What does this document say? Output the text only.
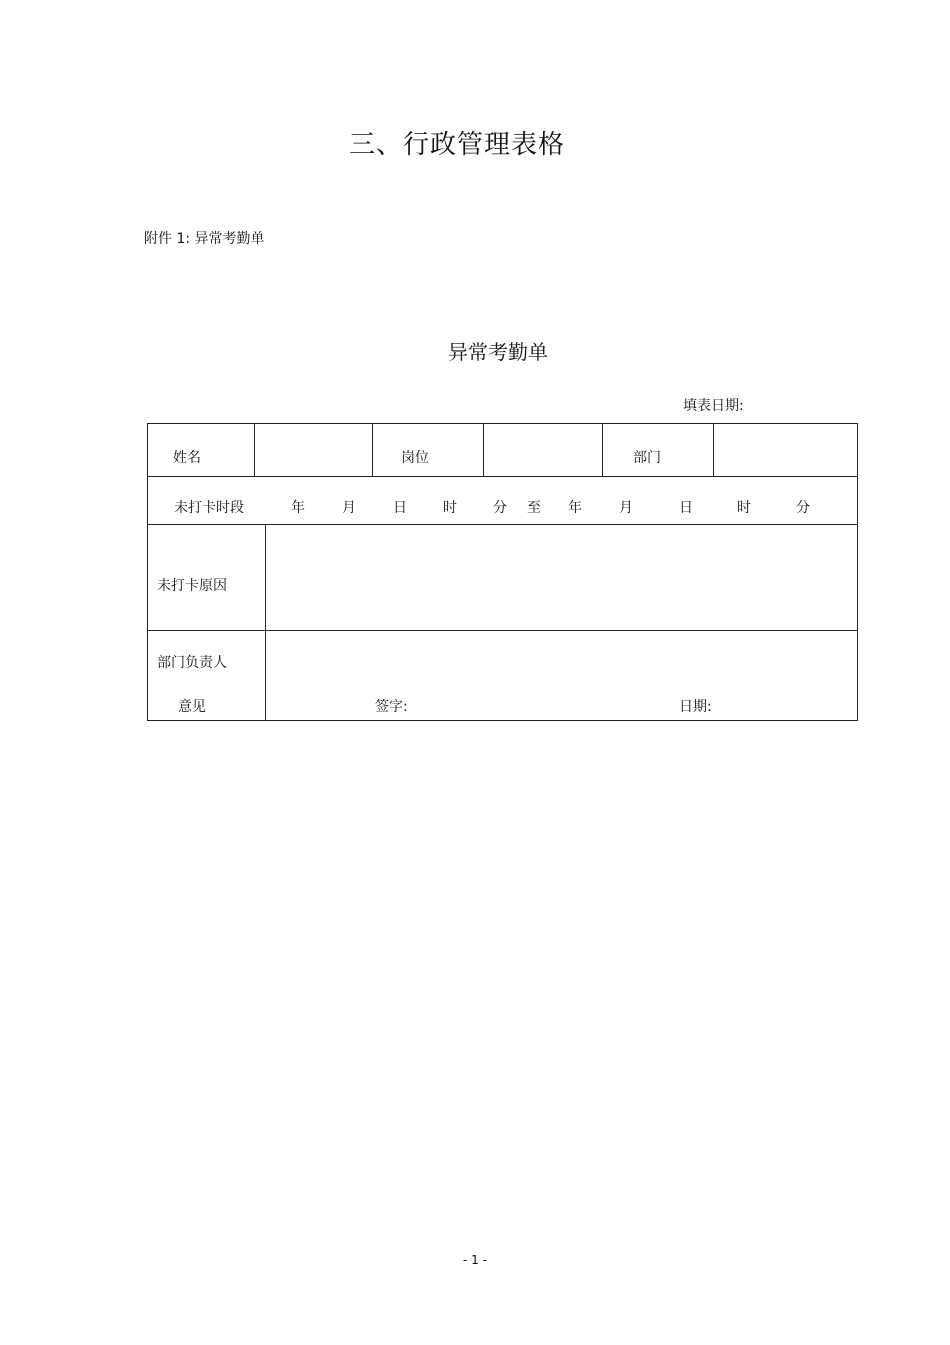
三、行政管理表格
附件 1: 异常考勤单
异常考勤单
填表日期:
姓名	岗位	部门
未打卡时段	年	月	日	时	分 至 年	月	日	时	分
未打卡原因
部门负责人
意见	签字:	日期:
- 1 -
